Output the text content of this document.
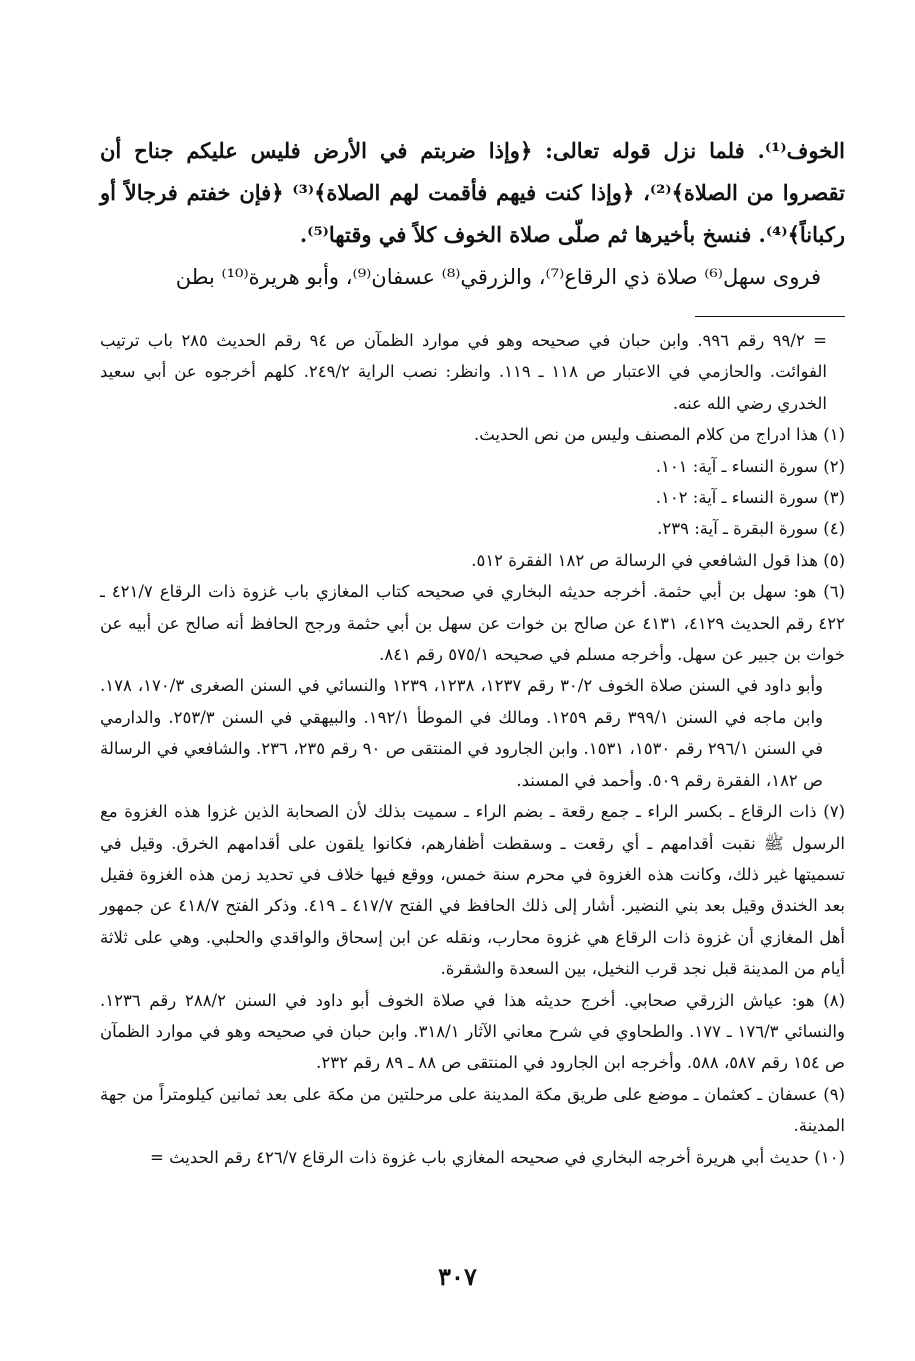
الخوف⁽¹⁾. فلما نزل قوله تعالى: ﴿وإذا ضربتم في الأرض فليس عليكم جناح أن تقصروا من الصلاة﴾⁽²⁾، ﴿وإذا كنت فيهم فأقمت لهم الصلاة﴾⁽³⁾ ﴿فإن خفتم فرجالاً أو ركباناً﴾⁽⁴⁾. فنسخ بأخيرها ثم صلّى صلاة الخوف كلاً في وقتها⁽⁵⁾.

فروى سهل⁽⁶⁾ صلاة ذي الرقاع⁽⁷⁾، والزرقي⁽⁸⁾ عسفان⁽⁹⁾، وأبو هريرة⁽¹⁰⁾ بطن

= ٩٩/٢ رقم ٩٩٦. وابن حبان في صحيحه وهو في موارد الظمآن ص ٩٤ رقم الحديث ٢٨٥ باب ترتيب الفوائت. والحازمي في الاعتبار ص ١١٨ ـ ١١٩. وانظر: نصب الراية ٢٤٩/٢. كلهم أخرجوه عن أبي سعيد الخدري رضي الله عنه.

(١) هذا ادراج من كلام المصنف وليس من نص الحديث.

(٢) سورة النساء ـ آية: ١٠١.

(٣) سورة النساء ـ آية: ١٠٢.

(٤) سورة البقرة ـ آية: ٢٣٩.

(٥) هذا قول الشافعي في الرسالة ص ١٨٢ الفقرة ٥١٢.

(٦) هو: سهل بن أبي حثمة. أخرجه حديثه البخاري في صحيحه كتاب المغازي باب غزوة ذات الرقاع ٤٢١/٧ ـ ٤٢٢ رقم الحديث ٤١٢٩، ٤١٣١ عن صالح بن خوات عن سهل بن أبي حثمة ورجح الحافظ أنه صالح عن أبيه عن خوات بن جبير عن سهل. وأخرجه مسلم في صحيحه ٥٧٥/١ رقم ٨٤١.

وأبو داود في السنن صلاة الخوف ٣٠/٢ رقم ١٢٣٧، ١٢٣٨، ١٢٣٩ والنسائي في السنن الصغرى ١٧٠/٣، ١٧٨. وابن ماجه في السنن ٣٩٩/١ رقم ١٢٥٩. ومالك في الموطأ ١٩٢/١. والبيهقي في السنن ٢٥٣/٣. والدارمي في السنن ٢٩٦/١ رقم ١٥٣٠، ١٥٣١. وابن الجارود في المنتقى ص ٩٠ رقم ٢٣٥، ٢٣٦. والشافعي في الرسالة ص ١٨٢، الفقرة رقم ٥٠٩. وأحمد في المسند.

(٧) ذات الرقاع ـ بكسر الراء ـ جمع رقعة ـ بضم الراء ـ سميت بذلك لأن الصحابة الذين غزوا هذه الغزوة مع الرسول ﷺ نقبت أقدامهم ـ أي رقعت ـ وسقطت أظفارهم، فكانوا يلقون على أقدامهم الخرق. وقيل في تسميتها غير ذلك، وكانت هذه الغزوة في محرم سنة خمس، ووقع فيها خلاف في تحديد زمن هذه الغزوة فقيل بعد الخندق وقيل بعد بني النضير. أشار إلى ذلك الحافظ في الفتح ٤١٧/٧ ـ ٤١٩. وذكر الفتح ٤١٨/٧ عن جمهور أهل المغازي أن غزوة ذات الرقاع هي غزوة محارب، ونقله عن ابن إسحاق والواقدي والحلبي. وهي على ثلاثة أيام من المدينة قبل نجد قرب النخيل، بين السعدة والشقرة.

(٨) هو: عياش الزرقي صحابي. أخرج حديثه هذا في صلاة الخوف أبو داود في السنن ٢٨٨/٢ رقم ١٢٣٦. والنسائي ١٧٦/٣ ـ ١٧٧. والطحاوي في شرح معاني الآثار ٣١٨/١. وابن حبان في صحيحه وهو في موارد الظمآن ص ١٥٤ رقم ٥٨٧، ٥٨٨. وأخرجه ابن الجارود في المنتقى ص ٨٨ ـ ٨٩ رقم ٢٣٢.

(٩) عسفان ـ كعثمان ـ موضع على طريق مكة المدينة على مرحلتين من مكة على بعد ثمانين كيلومتراً من جهة المدينة.

(١٠) حديث أبي هريرة أخرجه البخاري في صحيحه المغازي باب غزوة ذات الرقاع ٤٢٦/٧ رقم الحديث =

٣٠٧
